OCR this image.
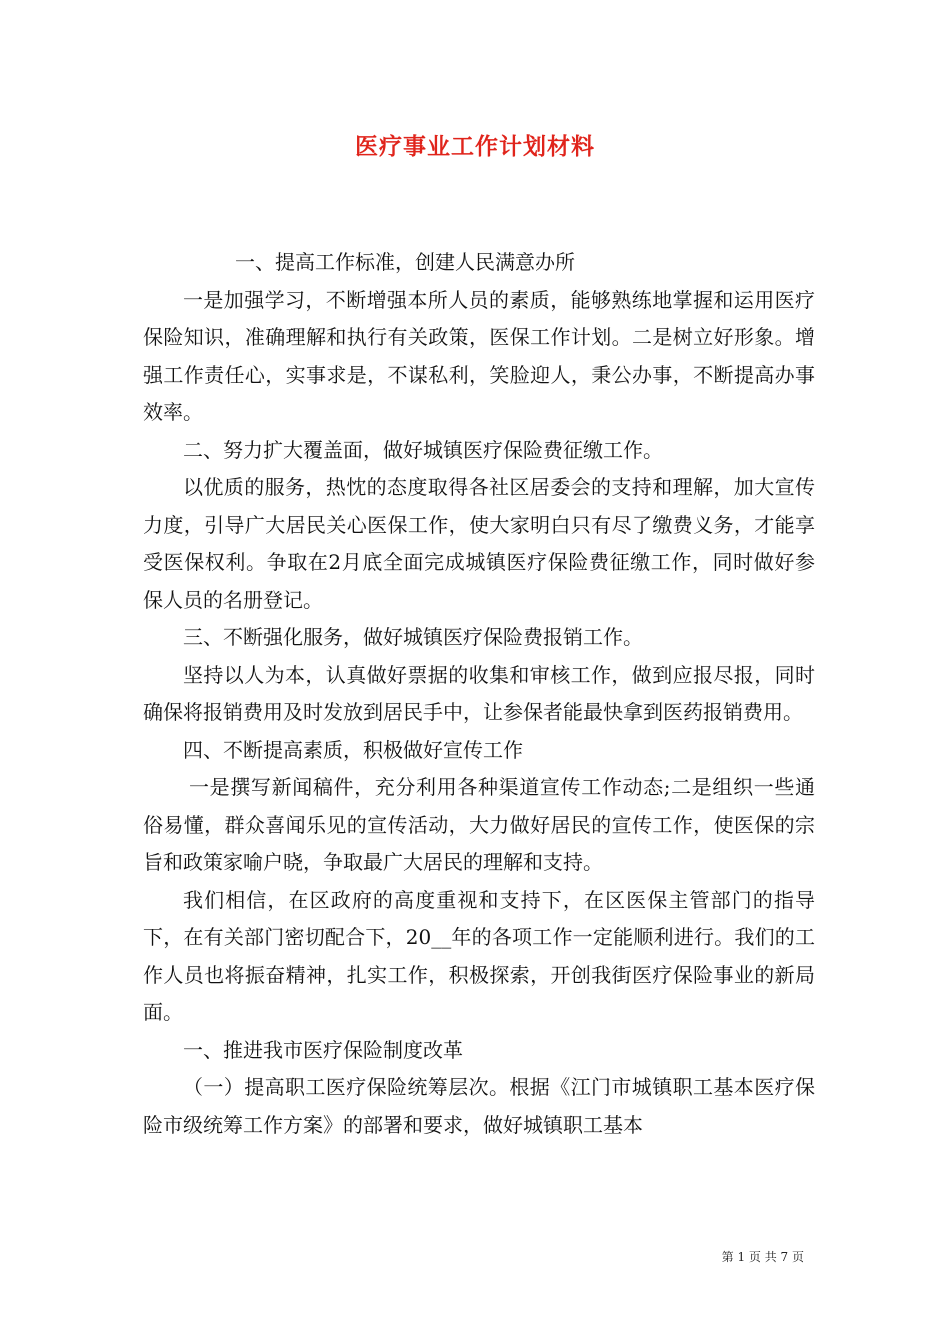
医疗事业工作计划材料

一、提高工作标准，创建人民满意办所

一是加强学习，不断增强本所人员的素质，能够熟练地掌握和运用医疗保险知识，准确理解和执行有关政策，医保工作计划。二是树立好形象。增强工作责任心，实事求是，不谋私利，笑脸迎人，秉公办事，不断提高办事效率。

二、努力扩大覆盖面，做好城镇医疗保险费征缴工作。

以优质的服务，热忱的态度取得各社区居委会的支持和理解，加大宣传力度，引导广大居民关心医保工作，使大家明白只有尽了缴费义务，才能享受医保权利。争取在2月底全面完成城镇医疗保险费征缴工作，同时做好参保人员的名册登记。

三、不断强化服务，做好城镇医疗保险费报销工作。

坚持以人为本，认真做好票据的收集和审核工作，做到应报尽报，同时确保将报销费用及时发放到居民手中，让参保者能最快拿到医药报销费用。

四、不断提高素质，积极做好宣传工作

一是撰写新闻稿件，充分利用各种渠道宣传工作动态;二是组织一些通俗易懂，群众喜闻乐见的宣传活动，大力做好居民的宣传工作，使医保的宗旨和政策家喻户晓，争取最广大居民的理解和支持。

我们相信，在区政府的高度重视和支持下，在区医保主管部门的指导下，在有关部门密切配合下，20__年的各项工作一定能顺利进行。我们的工作人员也将振奋精神，扎实工作，积极探索，开创我街医疗保险事业的新局面。

一、推进我市医疗保险制度改革

（一）提高职工医疗保险统筹层次。根据《江门市城镇职工基本医疗保险市级统筹工作方案》的部署和要求，做好城镇职工基本

第 1 页 共 7 页
